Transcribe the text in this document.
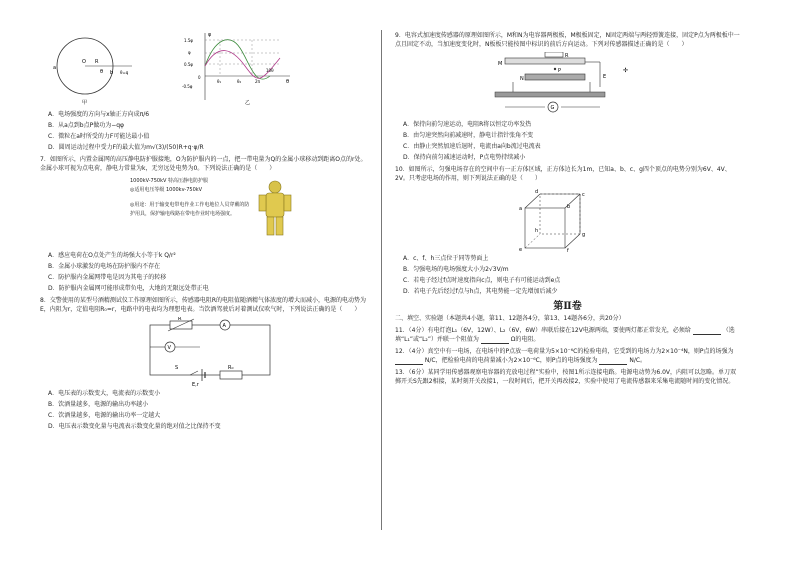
a
O R
b
θ	θ=q
甲
φ
θ
1.5φ
φ
0.5φ
0
-0.5φ
θ₁	θ₂	2π
10θ
乙
A．电场强度的方向与x轴正方向成π/6
B．从a点到b点P做功为−qφ
C．微粒在a时所受的力F可能达最小值
D．圆周运动过程中受力F的最大值为m√(3)/(50)R+q·φ/R
7．如图所示，内置金属网的高压静电防护服接地，O为防护服内的一点，把一带电量为Q的金属小球移动到距离O点的r处。金属小球可视为点电荷，静电力常量为k，无穷远处电势为0。下列说法正确的是（　　）
1000kV-750kV 特高压静电防护服
◎适用电压等级 1000kv-750kV
◎用途：用于输变电带电作业工作电地位人员穿戴的防护用具，保护输电线路在带电作业时电场强度。
A．感应电荷在O点处产生的场强大小等于k Q/r²
B．金属小球激发的电场在防护服内不存在
C．防护服内金属网带电是因为其电子的转移
D．防护服内金属网可能形成带负电，大地的无限远处带正电
8．交警使用的某型号酒精测试仪工作原理如图所示，传感器电阻R的电阻值随酒精气体浓度的增大而减小，电源的电动势为E，内阻为r，定值电阻R₀=r，电路中的电表均为理想电表。当饮酒驾驶后对着测试仪吹气时，下列说法正确的是（　　）
R
A
V
R₀
S
E,r
A．电压表的示数变大，电流表的示数变小
B．饮酒量越多，电源的输出功率越小
C．饮酒量越多，电源的输出功率一定越大
D．电压表示数变化量与电流表示数变化量的绝对值之比保持不变
9．电容式加速度传感器的原理如图所示，M和N为电容器两极板，M极板固定，N固定两端与两轻弹簧连接，固定P点为两极板中一点且固定不动，当加速度变化时，N板板只能按图中标识的前后方向运动。下列对传感器描述正确的是（　　）
M
N
P
R
E
G
✢
A．保持向前匀速运动，电阻R将以恒定功率发热
B．由匀速突然向前减速时，静电计指针张角不变
C．由静止突然加速后退时，电流由a向b流过电流表
D．保持向前匀减速运动时，P点电势持续减小
10．如图所示，匀强电场存在的空间中有一正方体区域，正方体边长为1m，已知a、b、c、g四个顶点的电势分别为6V、4V、2V。只考虑电场的作用，则下列说法正确的是（　　）
a	b
c
d
e	f
g
h
A．c、f、h三点位于同等势面上
B．匀强电场的电场强度大小为2√3V/m
C．若电子经过f点时速度指向c点，则电子有可能运动到e点
D．若电子先后经过f点与h点，其电势能一定先增加后减少
第Ⅱ卷
二、填空、实验题（本题共4小题，第11、12题各4分，第13、14题各6分，共20分）
11．（4分）有电灯泡L₁（6V，12W）、L₂（6V，6W）串联后接在12V电源两端，要使两灯都正常发光，必须给	（选填“L₁”或“L₂”）并联一个阻值为	Ω的电阻。
12．（4分）真空中有一电场，在电场中的P点放一电荷量为5×10⁻⁶C的检验电荷，它受到的电场力为2×10⁻⁴N，则P点的场强为  N/C，把检验电荷的电荷量减小为2×10⁻⁶C，则P点的电场强度为	N/C。
13．（6分）某同学用传感器观察电容器的充放电过程”实验中，按图1所示连接电路。电源电动势为6.0V，内阻可以忽略。单刀双掷开关S先跟2相接，某时刻开关改接1，一段时间后，把开关再改接2，实验中使用了电流传感器来采集电流随时间的变化情况。
